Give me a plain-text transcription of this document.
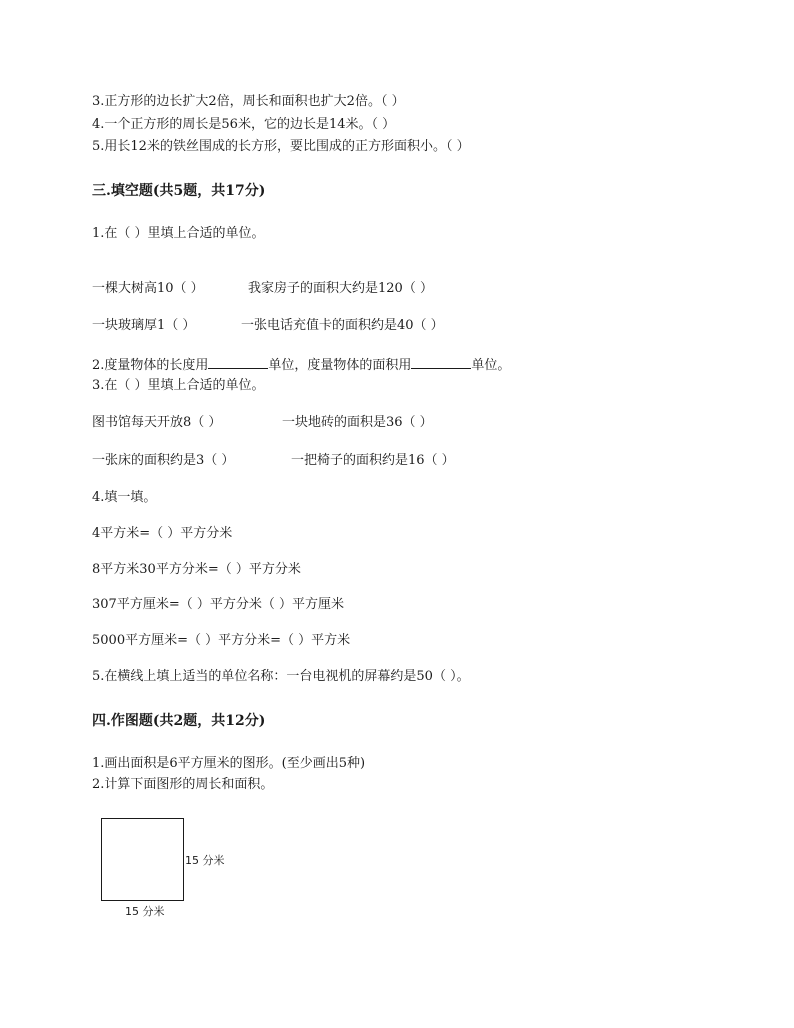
3.正方形的边长扩大2倍，周长和面积也扩大2倍。（ ）
4.一个正方形的周长是56米，它的边长是14米。（ ）
5.用长12米的铁丝围成的长方形，要比围成的正方形面积小。（ ）
三.填空题(共5题，共17分)
1.在（ ）里填上合适的单位。
一棵大树高10（ ）	我家房子的面积大约是120（ ）
一块玻璃厚1（ ）	一张电话充值卡的面积约是40（ ）
2.度量物体的长度用	单位，度量物体的面积用	单位。
3.在（ ）里填上合适的单位。
图书馆每天开放8（ ）	一块地砖的面积是36（ ）
一张床的面积约是3（ ）	一把椅子的面积约是16（ ）
4.填一填。
4平方米=（ ）平方分米
8平方米30平方分米=（ ）平方分米
307平方厘米=（ ）平方分米（ ）平方厘米
5000平方厘米=（ ）平方分米=（ ）平方米
5.在横线上填上适当的单位名称：一台电视机的屏幕约是50（ ）。
四.作图题(共2题，共12分)
1.画出面积是6平方厘米的图形。(至少画出5种)
2.计算下面图形的周长和面积。
15 分米
15 分米
